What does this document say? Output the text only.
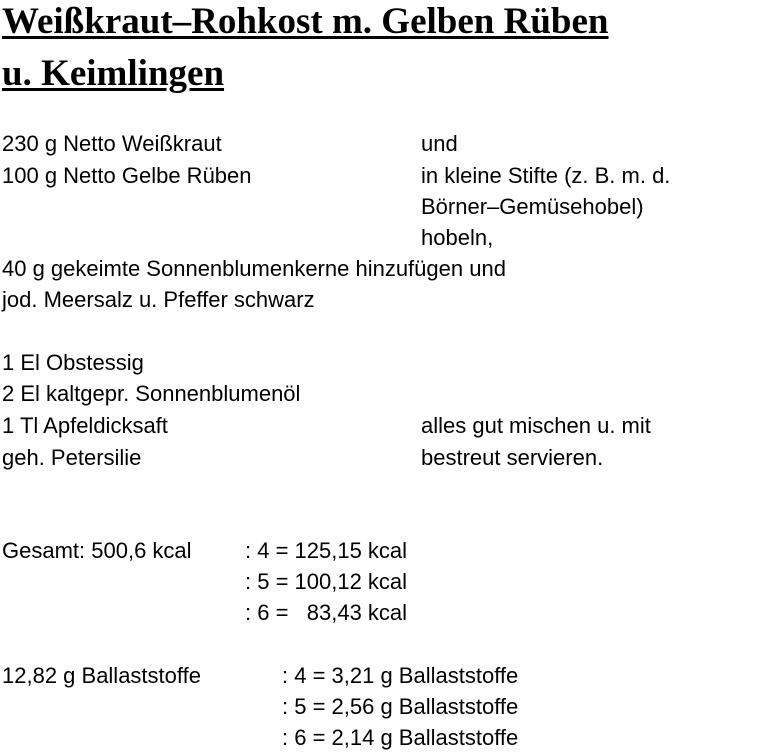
Weißkraut–Rohkost m. Gelben Rüben
u. Keimlingen
230 g Netto Weißkraut	und
100 g Netto Gelbe Rüben	in kleine Stifte (z. B. m. d.
Börner–Gemüsehobel)
hobeln,
40 g gekeimte Sonnenblumenkerne hinzufügen und
jod. Meersalz u. Pfeffer schwarz
1 El Obstessig
2 El kaltgepr. Sonnenblumenöl
1 Tl Apfeldicksaft	alles gut mischen u. mit
geh. Petersilie	bestreut servieren.
Gesamt: 500,6 kcal : 4 = 125,15 kcal
: 5 = 100,12 kcal
: 6 =   83,43 kcal
12,82 g Ballaststoffe	: 4 = 3,21 g Ballaststoffe
: 5 = 2,56 g Ballaststoffe
: 6 = 2,14 g Ballaststoffe
